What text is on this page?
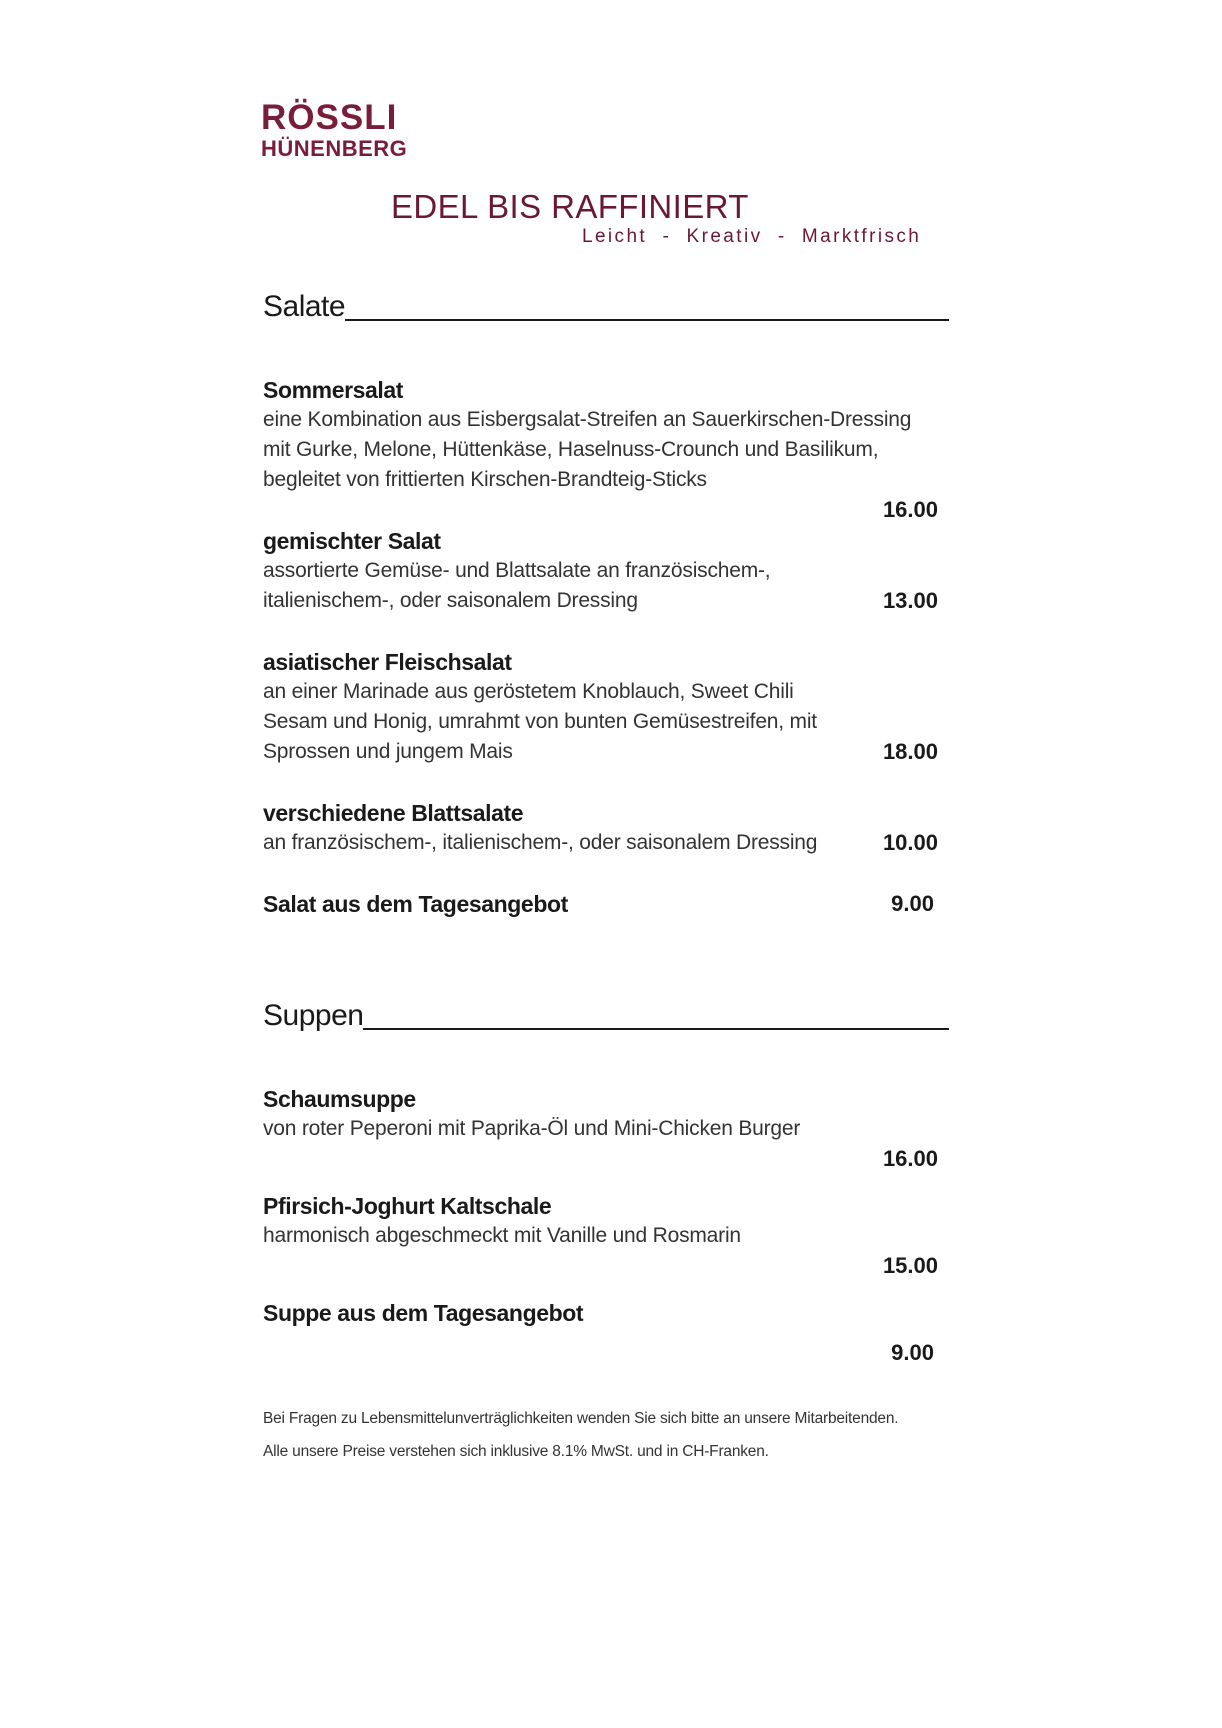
RÖSSLI
HÜNENBERG
EDEL BIS RAFFINIERT
Leicht  -  Kreativ  -  Marktfrisch
Salate
Sommersalat
eine Kombination aus Eisbergsalat-Streifen an Sauerkirschen-Dressing
mit Gurke, Melone, Hüttenkäse, Haselnuss-Crounch und Basilikum,
begleitet von frittierten Kirschen-Brandteig-Sticks
16.00
gemischter Salat
assortierte Gemüse- und Blattsalate an französischem-,
italienischem-, oder saisonalem Dressing	13.00
asiatischer Fleischsalat
an einer Marinade aus geröstetem Knoblauch, Sweet Chili
Sesam und Honig, umrahmt von bunten Gemüsestreifen, mit
Sprossen und jungem Mais	18.00
verschiedene Blattsalate
an französischem-, italienischem-, oder saisonalem Dressing	10.00
Salat aus dem Tagesangebot	9.00
Suppen
Schaumsuppe
von roter Peperoni mit Paprika-Öl und Mini-Chicken Burger
16.00
Pfirsich-Joghurt Kaltschale
harmonisch abgeschmeckt mit Vanille und Rosmarin
15.00
Suppe aus dem Tagesangebot
9.00
Bei Fragen zu Lebensmittelunverträglichkeiten wenden Sie sich bitte an unsere Mitarbeitenden.
Alle unsere Preise verstehen sich inklusive 8.1% MwSt. und in CH-Franken.
